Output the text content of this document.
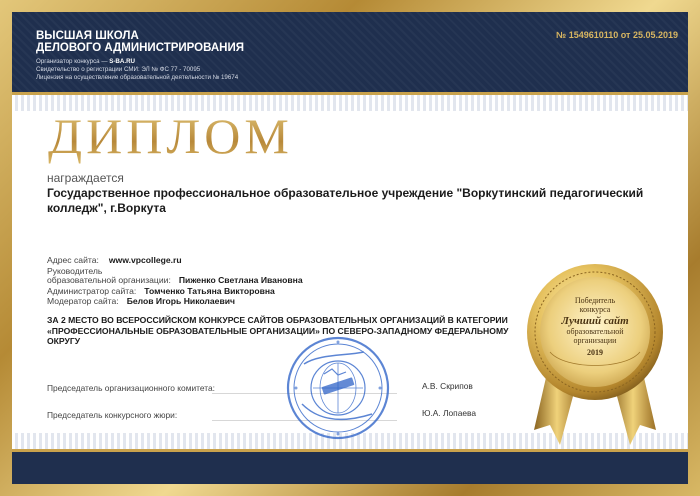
ВЫСШАЯ ШКОЛА
ДЕЛОВОГО АДМИНИСТРИРОВАНИЯ
Организатор конкурса — S-BA.RU
Свидетельство о регистрации СМИ: ЭЛ № ФС 77 - 70095
Лицензия на осуществление образовательной деятельности № 19674
№ 1549610110 от 25.05.2019
ДИПЛОМ
награждается
Государственное профессиональное образовательное учреждение "Воркутинский педагогический колледж", г.Воркута
Адрес сайта: www.vpcollege.ru
Руководитель
образовательной организации: Пиженко Светлана Ивановна
Администратор сайта: Томченко Татьяна Викторовна
Модератор сайта: Белов Игорь Николаевич
ЗА 2 МЕСТО ВО ВСЕРОССИЙСКОМ КОНКУРСЕ САЙТОВ ОБРАЗОВАТЕЛЬНЫХ ОРГАНИЗАЦИЙ В КАТЕГОРИИ «ПРОФЕССИОНАЛЬНЫЕ ОБРАЗОВАТЕЛЬНЫЕ ОРГАНИЗАЦИИ» ПО СЕВЕРО-ЗАПАДНОМУ ФЕДЕРАЛЬНОМУ ОКРУГУ
Председатель организационного комитета:	А.В. Скрипов
Председатель конкурсного жюри:	Ю.А. Лопаева
Победитель
конкурса
Лучший сайт
образовательной
организации
2019
